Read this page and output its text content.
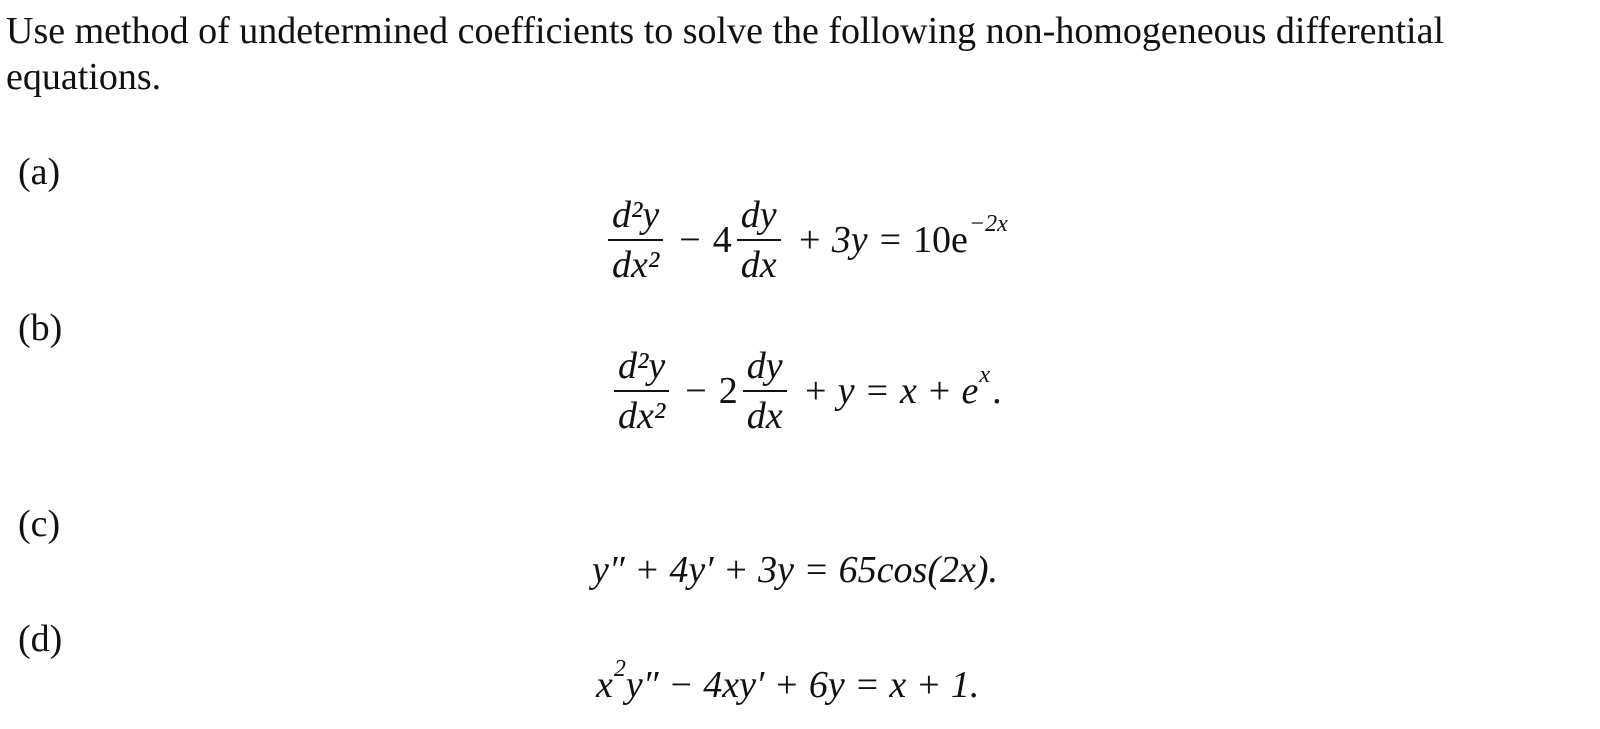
Use method of undetermined coefficients to solve the following non-homogeneous differential equations.

(a)
$\frac{\text{d²y}}{\text{dx²}} - 4 \frac{dy}{dx} + 3y = 10e -2x$
(b)
$\frac{\text{d²y}}{\text{dx²}} - 2 \frac{dy}{dx} + y = x + e$ x .
(c)
y″ + 4y′ + 3y = 65cos(2x).
(d)
x 2 y″ − 4xy′ + 6y = x + 1.
